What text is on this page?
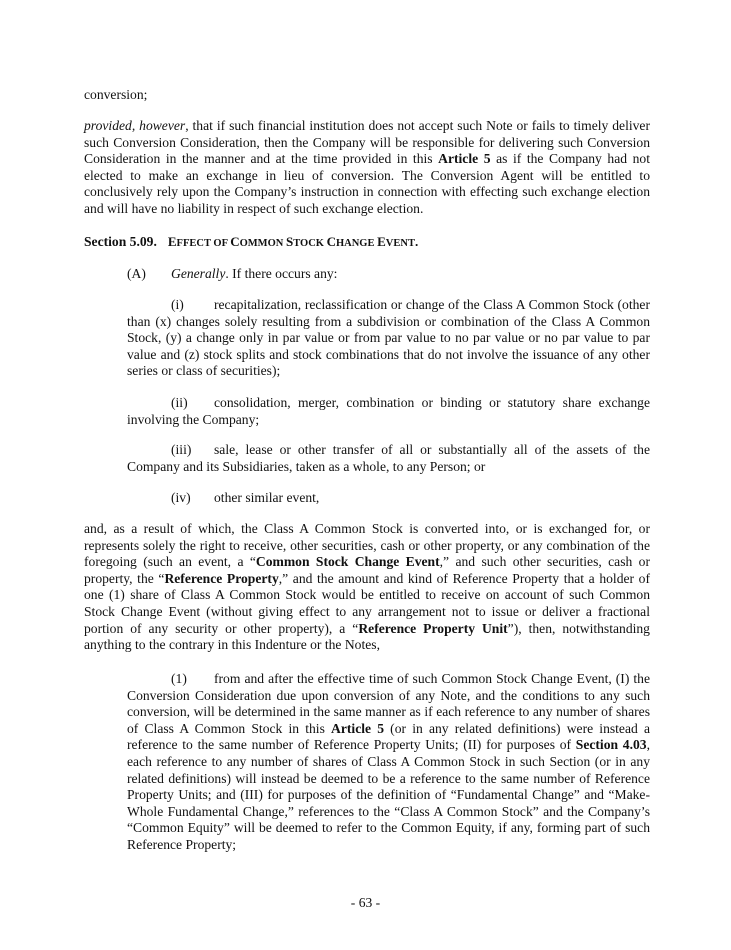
conversion;

provided, however, that if such financial institution does not accept such Note or fails to timely deliver such Conversion Consideration, then the Company will be responsible for delivering such Conversion Consideration in the manner and at the time provided in this Article 5 as if the Company had not elected to make an exchange in lieu of conversion. The Conversion Agent will be entitled to conclusively rely upon the Company’s instruction in connection with effecting such exchange election and will have no liability in respect of such exchange election.

Section 5.09. EFFECT OF COMMON STOCK CHANGE EVENT.

(A) Generally. If there occurs any:

(i) recapitalization, reclassification or change of the Class A Common Stock (other than (x) changes solely resulting from a subdivision or combination of the Class A Common Stock, (y) a change only in par value or from par value to no par value or no par value to par value and (z) stock splits and stock combinations that do not involve the issuance of any other series or class of securities);

(ii) consolidation, merger, combination or binding or statutory share exchange involving the Company;

(iii) sale, lease or other transfer of all or substantially all of the assets of the Company and its Subsidiaries, taken as a whole, to any Person; or

(iv) other similar event,

and, as a result of which, the Class A Common Stock is converted into, or is exchanged for, or represents solely the right to receive, other securities, cash or other property, or any combination of the foregoing (such an event, a “Common Stock Change Event,” and such other securities, cash or property, the “Reference Property,” and the amount and kind of Reference Property that a holder of one (1) share of Class A Common Stock would be entitled to receive on account of such Common Stock Change Event (without giving effect to any arrangement not to issue or deliver a fractional portion of any security or other property), a “Reference Property Unit”), then, notwithstanding anything to the contrary in this Indenture or the Notes,

(1) from and after the effective time of such Common Stock Change Event, (I) the Conversion Consideration due upon conversion of any Note, and the conditions to any such conversion, will be determined in the same manner as if each reference to any number of shares of Class A Common Stock in this Article 5 (or in any related definitions) were instead a reference to the same number of Reference Property Units; (II) for purposes of Section 4.03, each reference to any number of shares of Class A Common Stock in such Section (or in any related definitions) will instead be deemed to be a reference to the same number of Reference Property Units; and (III) for purposes of the definition of “Fundamental Change” and “Make-Whole Fundamental Change,” references to the “Class A Common Stock” and the Company’s “Common Equity” will be deemed to refer to the Common Equity, if any, forming part of such Reference Property;

- 63 -
